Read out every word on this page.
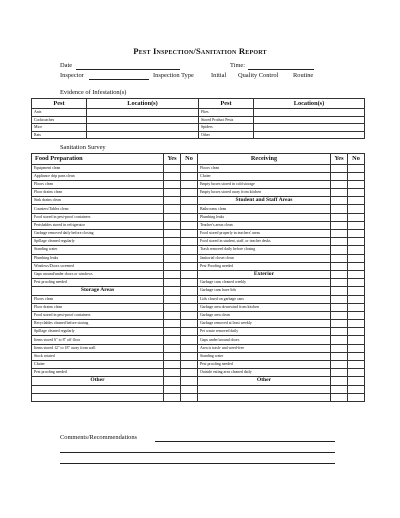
Pest Inspection/Sanitation Report
Date	Time:
Inspector	Inspection Type	Initial Quality Control Routine
Evidence of Infestation(s)
Pest	Location(s)	Pest	Location(s)
Ants		Flies	
Cockroaches		Stored Product Pests	
Mice		Spiders	
Rats		Other	
Sanitation Survey
Food Preparation	Yes	No	Receiving	Yes	No
Equipment clean			Floors clean		
Appliance drip pans clean			Clutter		
Floors clean			Empty boxes stored in cold storage		
Floor drains clean			Empty boxes stored away from kitchen		
Sink drains clean			Student and Staff Areas		
Counters/Tables clean			Bathrooms clean		
Food stored in pest-proof containers			Plumbing leaks		
Perishables stored in refrigerator			Teacher's areas clean		
Garbage removed daily before closing			Food stored properly in teachers' areas		
Spillage cleaned regularly			Food stored in student, staff, or teacher desks		
Standing water			Trash removed daily before closing		
Plumbing leaks			Janitorial closet clean		
Windows/Doors screened			Pest Proofing needed		
Gaps around/under doors or windows			Exterior		
Pest proofing needed			Garbage cans cleaned weekly		
Storage Areas			Garbage cans have lids		
Floors clean			Lids closed on garbage cans		
Floor drains clean			Garbage area downwind from kitchen		
Food stored in pest-proof containers			Garbage area clean		
Recyclables cleaned before storing			Garbage removed at least weekly		
Spillage cleaned regularly			Pet waste removed daily		
Items stored 6" to 8" off floor			Gaps under/around doors		
Items stored 12" to 18" away from wall			Area is trash- and weed-free		
Stock rotated			Standing water		
Clutter			Pest proofing needed		
Pest proofing needed			Outside eating area cleaned daily		
Other			Other		

Comments/Recommendations
